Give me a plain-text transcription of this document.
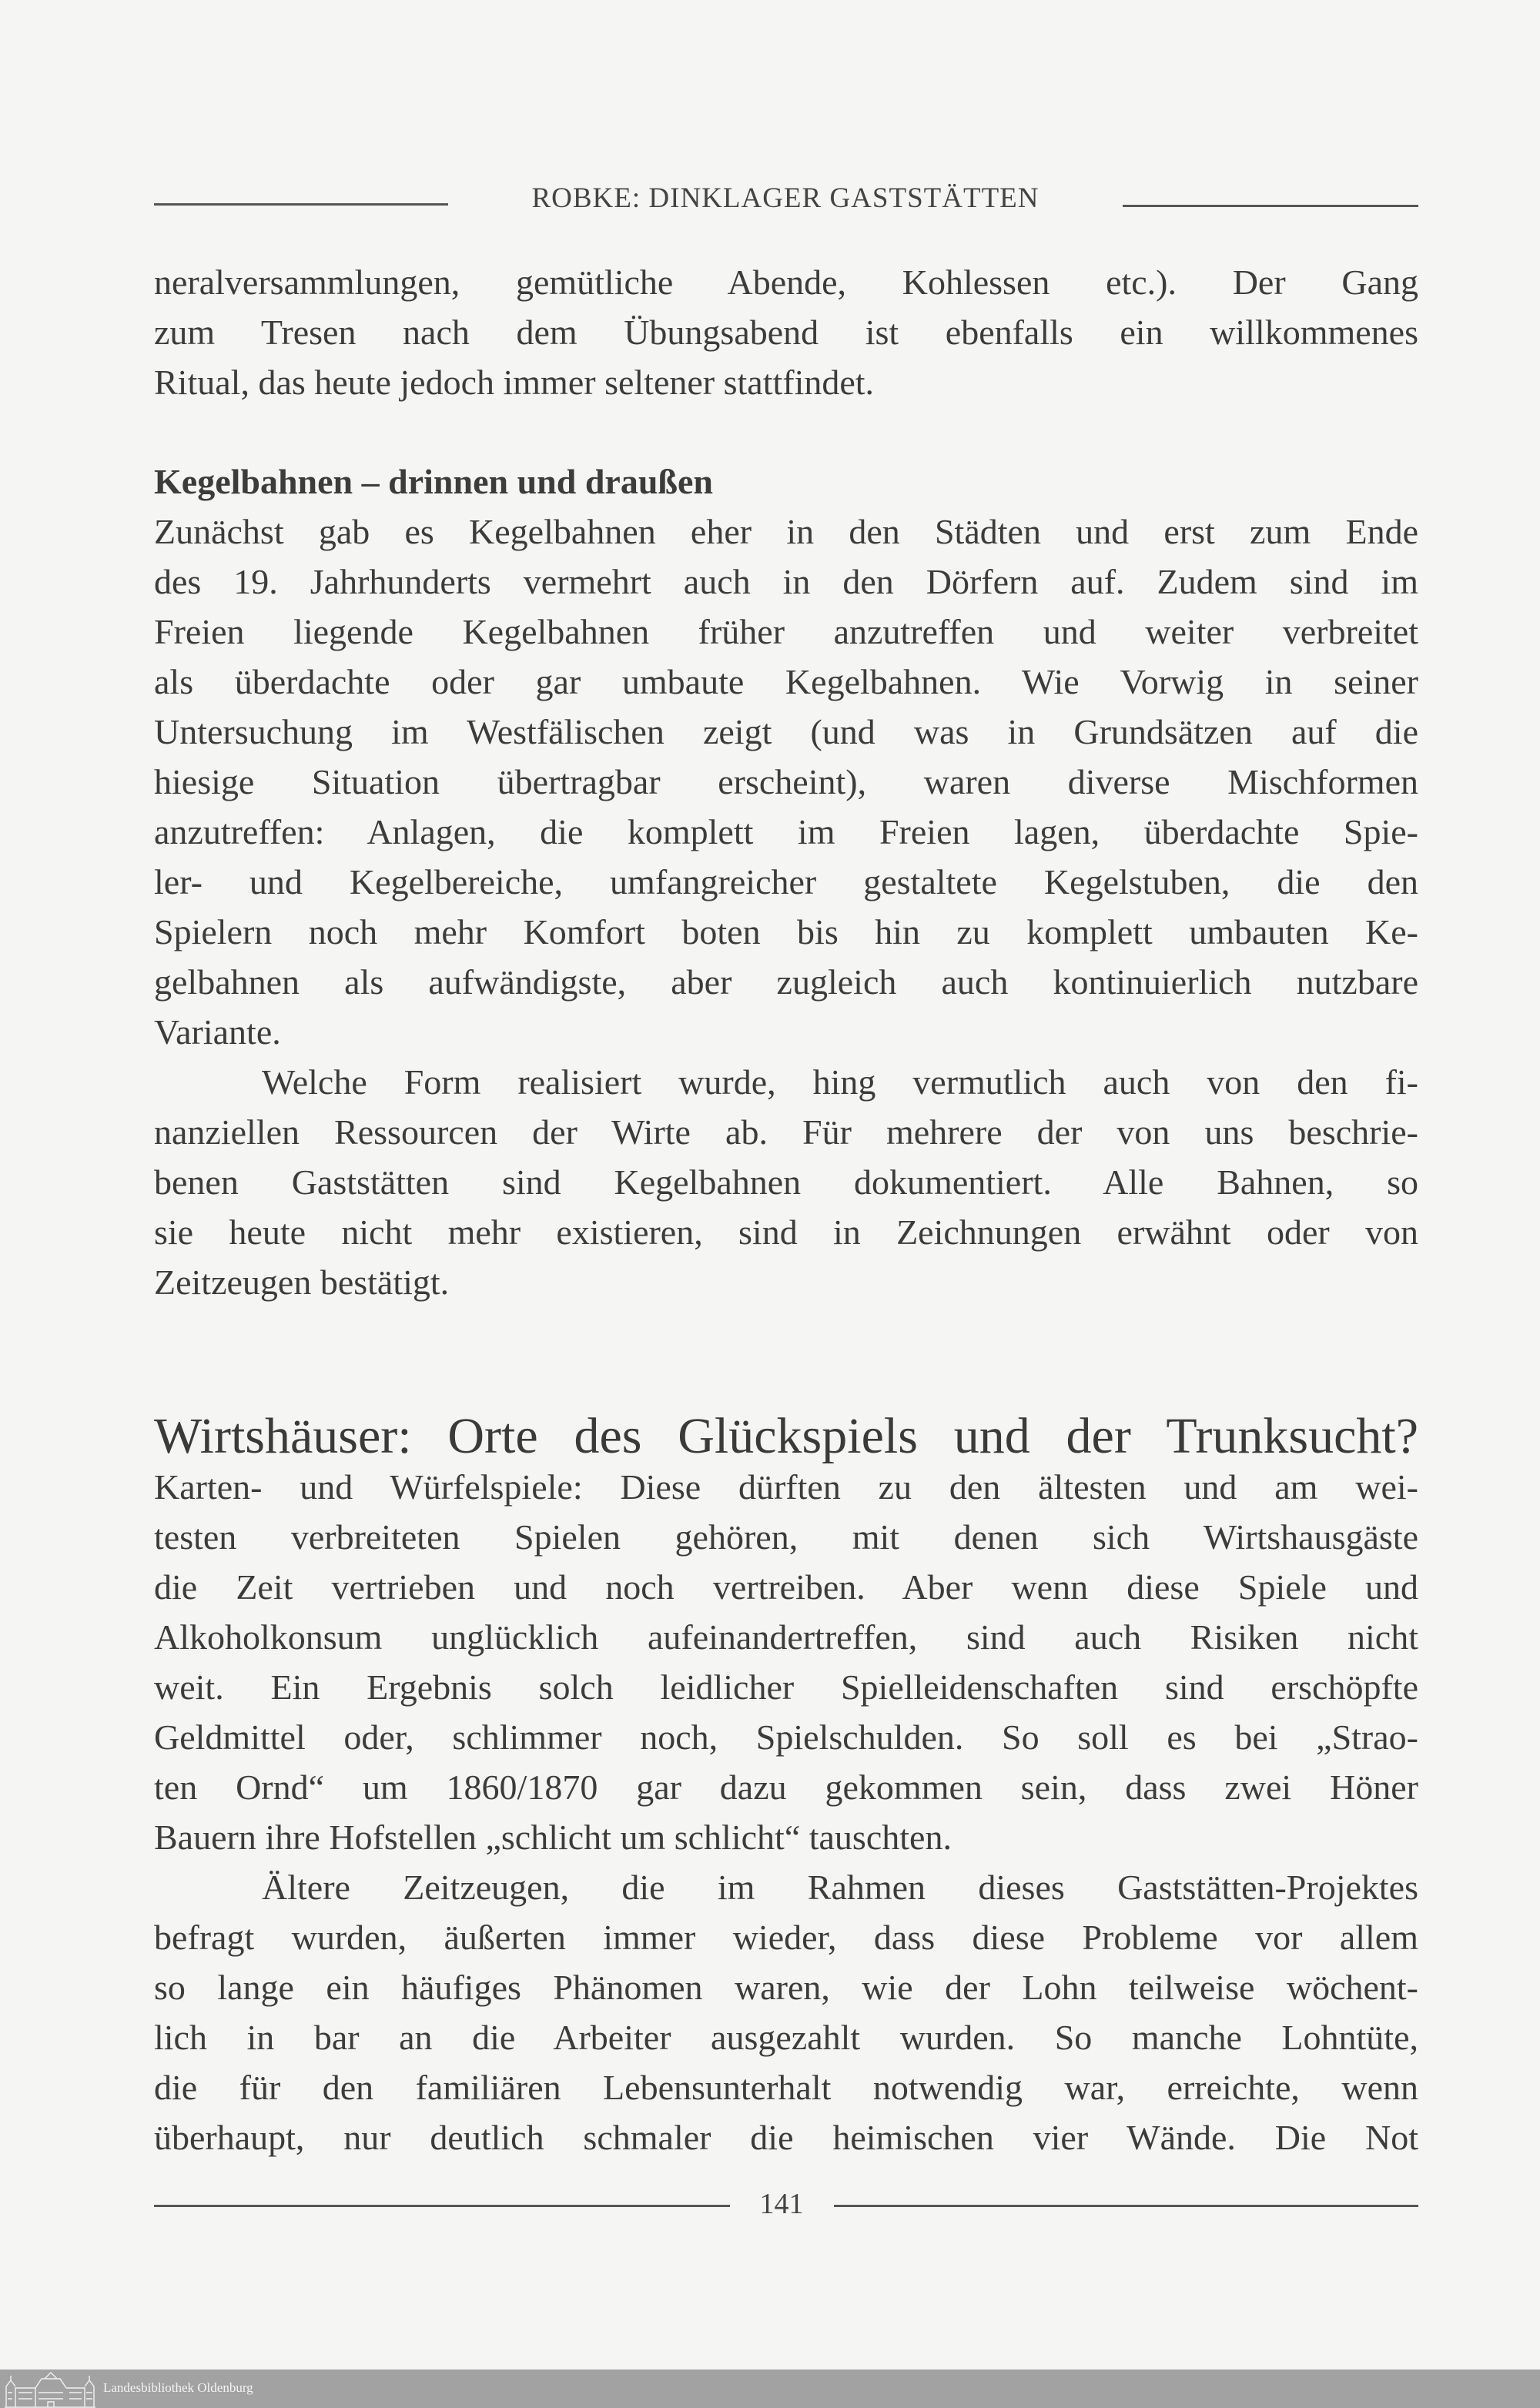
ROBKE: DINKLAGER GASTSTÄTTEN
neralversammlungen, gemütliche Abende, Kohlessen etc.). Der Gang
zum Tresen nach dem Übungsabend ist ebenfalls ein willkommenes
Ritual, das heute jedoch immer seltener stattfindet.
Kegelbahnen – drinnen und draußen
Zunächst gab es Kegelbahnen eher in den Städten und erst zum Ende
des 19. Jahrhunderts vermehrt auch in den Dörfern auf. Zudem sind im
Freien liegende Kegelbahnen früher anzutreffen und weiter verbreitet
als überdachte oder gar umbaute Kegelbahnen. Wie Vorwig in seiner
Untersuchung im Westfälischen zeigt (und was in Grundsätzen auf die
hiesige Situation übertragbar erscheint), waren diverse Mischformen
anzutreffen: Anlagen, die komplett im Freien lagen, überdachte Spie-
ler- und Kegelbereiche, umfangreicher gestaltete Kegelstuben, die den
Spielern noch mehr Komfort boten bis hin zu komplett umbauten Ke-
gelbahnen als aufwändigste, aber zugleich auch kontinuierlich nutzbare
Variante.
Welche Form realisiert wurde, hing vermutlich auch von den fi-
nanziellen Ressourcen der Wirte ab. Für mehrere der von uns beschrie-
benen Gaststätten sind Kegelbahnen dokumentiert. Alle Bahnen, so
sie heute nicht mehr existieren, sind in Zeichnungen erwähnt oder von
Zeitzeugen bestätigt.
Wirtshäuser: Orte des Glückspiels und der Trunksucht?
Karten- und Würfelspiele: Diese dürften zu den ältesten und am wei-
testen verbreiteten Spielen gehören, mit denen sich Wirtshausgäste
die Zeit vertrieben und noch vertreiben. Aber wenn diese Spiele und
Alkoholkonsum unglücklich aufeinandertreffen, sind auch Risiken nicht
weit. Ein Ergebnis solch leidlicher Spielleidenschaften sind erschöpfte
Geldmittel oder, schlimmer noch, Spielschulden. So soll es bei „Strao-
ten Ornd“ um 1860/1870 gar dazu gekommen sein, dass zwei Höner
Bauern ihre Hofstellen „schlicht um schlicht“ tauschten.
Ältere Zeitzeugen, die im Rahmen dieses Gaststätten-Projektes
befragt wurden, äußerten immer wieder, dass diese Probleme vor allem
so lange ein häufiges Phänomen waren, wie der Lohn teilweise wöchent-
lich in bar an die Arbeiter ausgezahlt wurden. So manche Lohntüte,
die für den familiären Lebensunterhalt notwendig war, erreichte, wenn
überhaupt, nur deutlich schmaler die heimischen vier Wände. Die Not
141
Landesbibliothek Oldenburg
